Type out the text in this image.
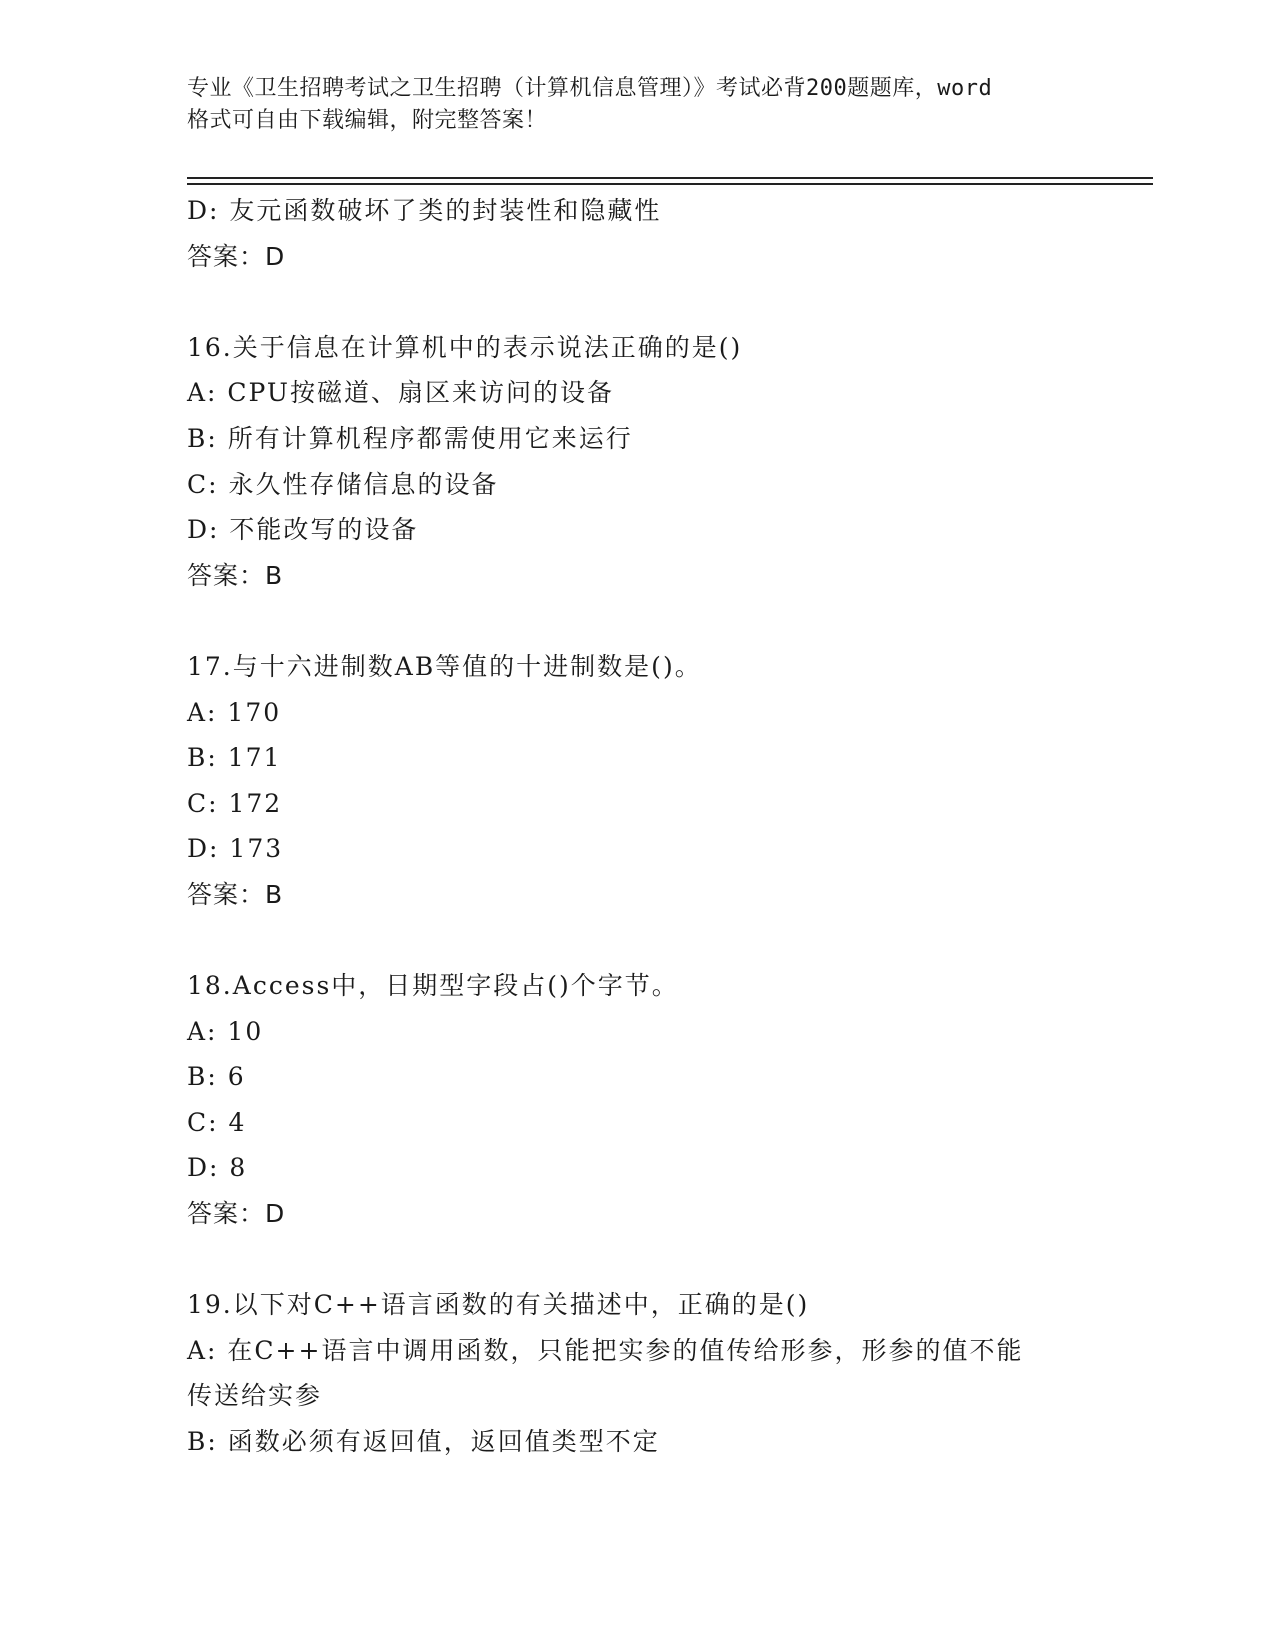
专业《卫生招聘考试之卫生招聘（计算机信息管理）》考试必背200题题库，word
格式可自由下载编辑，附完整答案！
D: 友元函数破坏了类的封装性和隐藏性
答案：D
16.关于信息在计算机中的表示说法正确的是()
A: CPU按磁道、扇区来访问的设备
B: 所有计算机程序都需使用它来运行
C: 永久性存储信息的设备
D: 不能改写的设备
答案：B
17.与十六进制数AB等值的十进制数是()。
A: 170
B: 171
C: 172
D: 173
答案：B
18.Access中，日期型字段占()个字节。
A: 10
B: 6
C: 4
D: 8
答案：D
19.以下对C++语言函数的有关描述中，正确的是()
A: 在C++语言中调用函数，只能把实参的值传给形参，形参的值不能
传送给实参
B: 函数必须有返回值，返回值类型不定
